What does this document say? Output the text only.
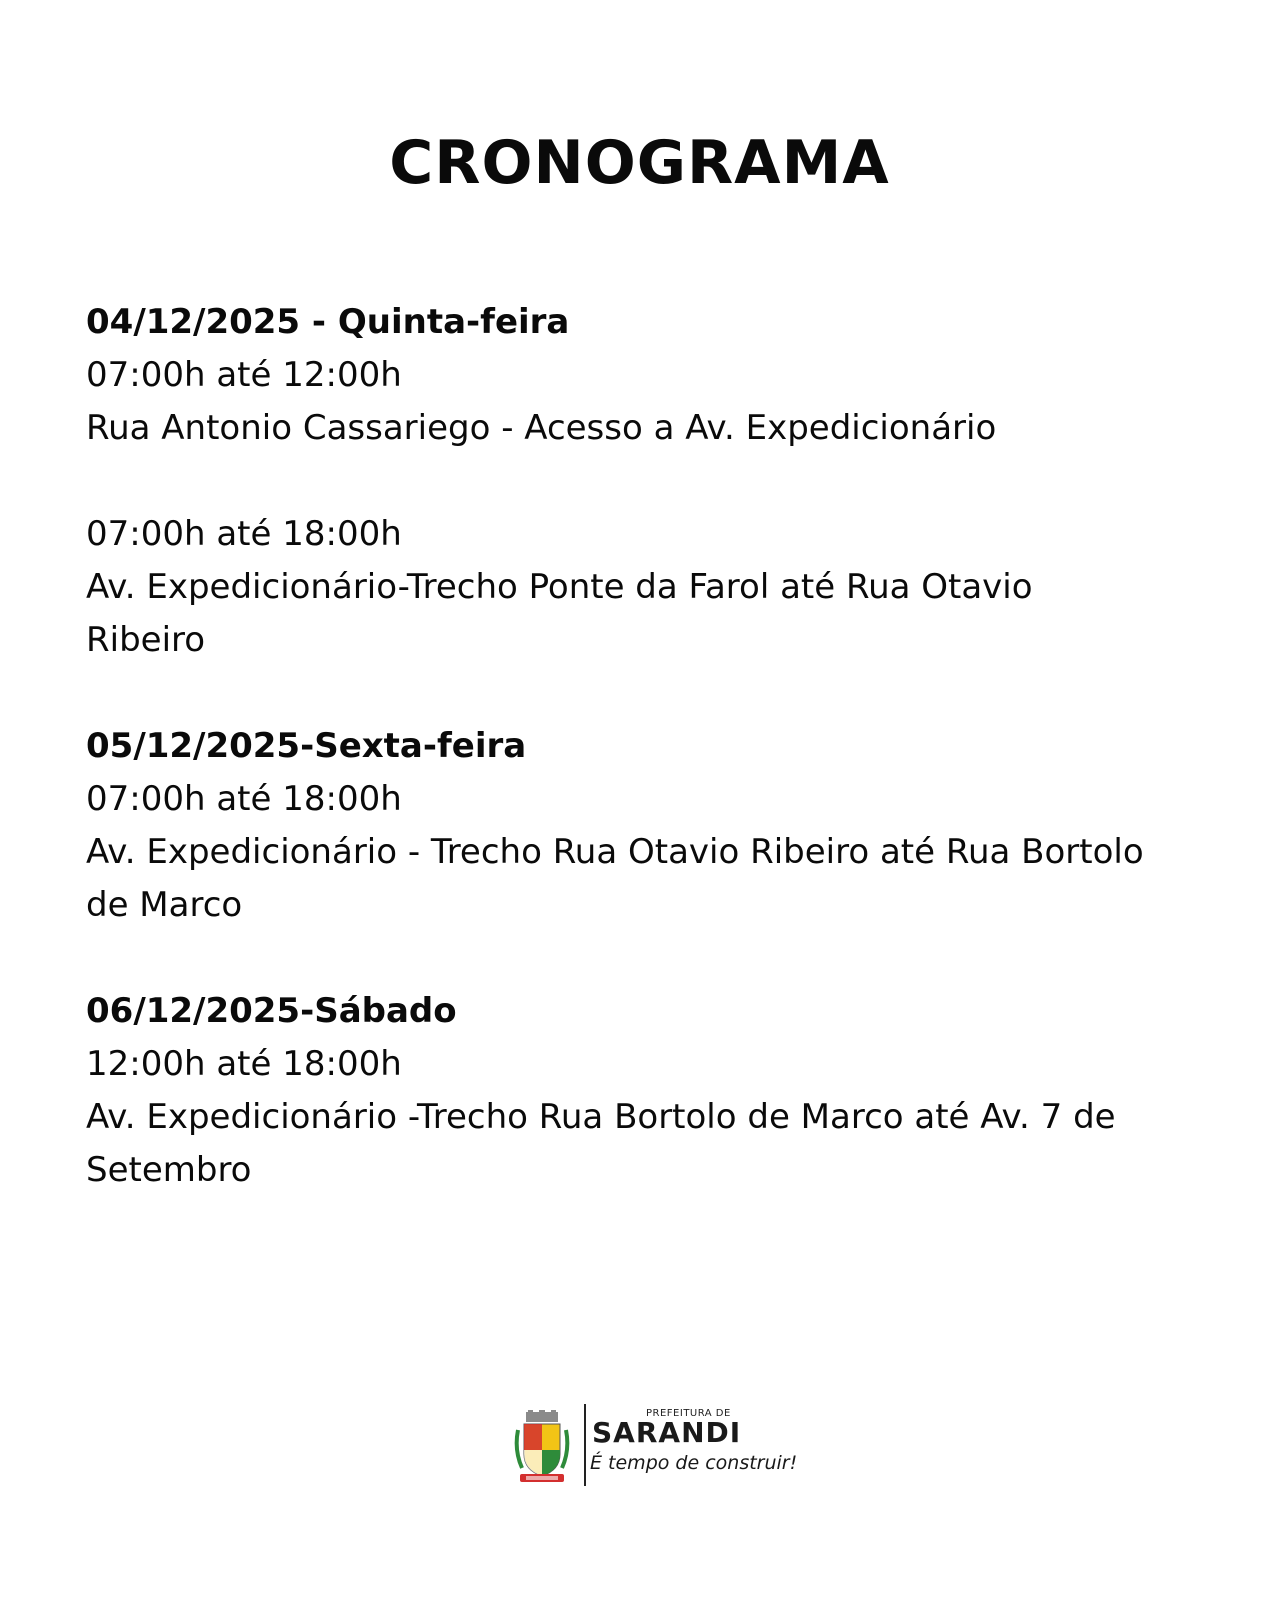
CRONOGRAMA

04/12/2025 - Quinta-feira

07:00h até 12:00h

Rua Antonio Cassariego - Acesso a Av. Expedicionário

07:00h até 18:00h

Av. Expedicionário-Trecho Ponte da Farol até Rua Otavio

Ribeiro

05/12/2025-Sexta-feira

07:00h até 18:00h

Av. Expedicionário - Trecho Rua Otavio Ribeiro até Rua Bortolo

de Marco

06/12/2025-Sábado

12:00h até 18:00h

Av. Expedicionário -Trecho Rua Bortolo de Marco até Av. 7 de

Setembro

PREFEITURA DE
SARANDI
É tempo de construir!
